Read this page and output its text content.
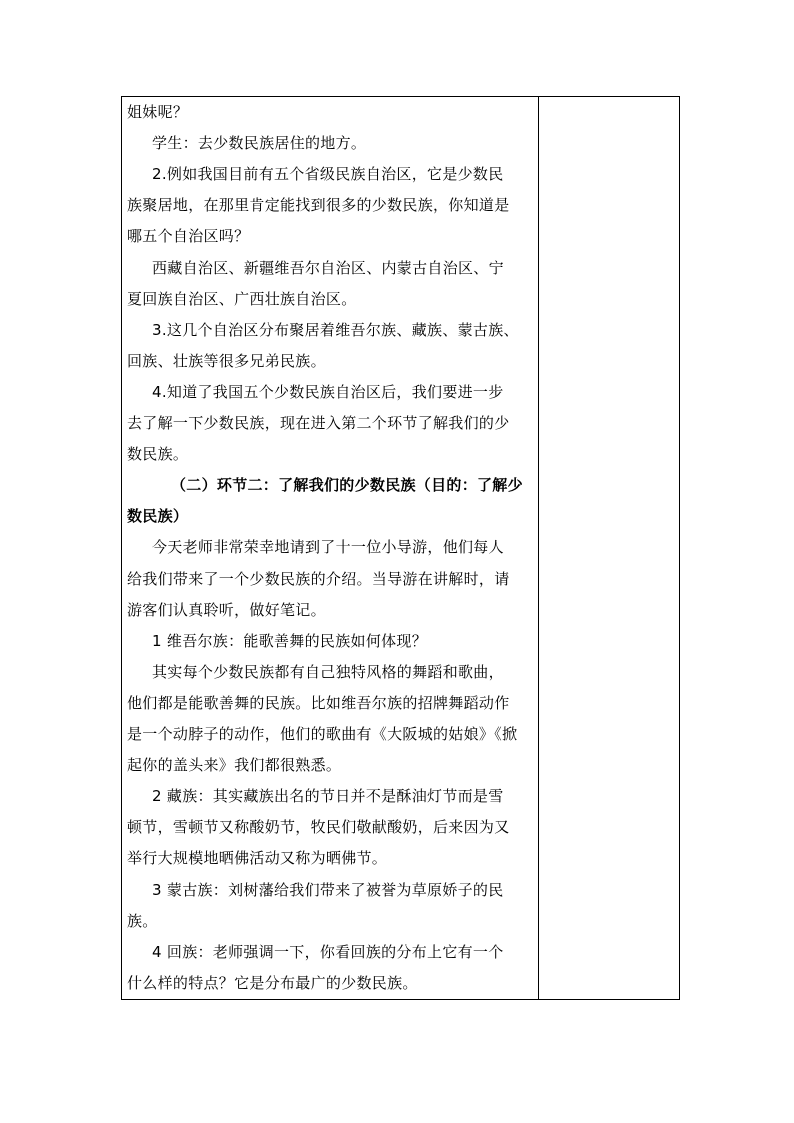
姐妹呢？
学生：去少数民族居住的地方。
2.例如我国目前有五个省级民族自治区，它是少数民
族聚居地，在那里肯定能找到很多的少数民族，你知道是
哪五个自治区吗？
西藏自治区、新疆维吾尔自治区、内蒙古自治区、宁
夏回族自治区、广西壮族自治区。
3.这几个自治区分布聚居着维吾尔族、藏族、蒙古族、
回族、壮族等很多兄弟民族。
4.知道了我国五个少数民族自治区后，我们要进一步
去了解一下少数民族，现在进入第二个环节了解我们的少
数民族。
（二）环节二：了解我们的少数民族（目的：了解少
数民族）
今天老师非常荣幸地请到了十一位小导游，他们每人
给我们带来了一个少数民族的介绍。当导游在讲解时，请
游客们认真聆听，做好笔记。
1 维吾尔族：能歌善舞的民族如何体现？
其实每个少数民族都有自己独特风格的舞蹈和歌曲，
他们都是能歌善舞的民族。比如维吾尔族的招牌舞蹈动作
是一个动脖子的动作，他们的歌曲有《大阪城的姑娘》《掀
起你的盖头来》我们都很熟悉。
2 藏族：其实藏族出名的节日并不是酥油灯节而是雪
顿节，雪顿节又称酸奶节，牧民们敬献酸奶，后来因为又
举行大规模地晒佛活动又称为晒佛节。
3 蒙古族：刘树藩给我们带来了被誉为草原娇子的民
族。
4 回族：老师强调一下，你看回族的分布上它有一个
什么样的特点？它是分布最广的少数民族。
